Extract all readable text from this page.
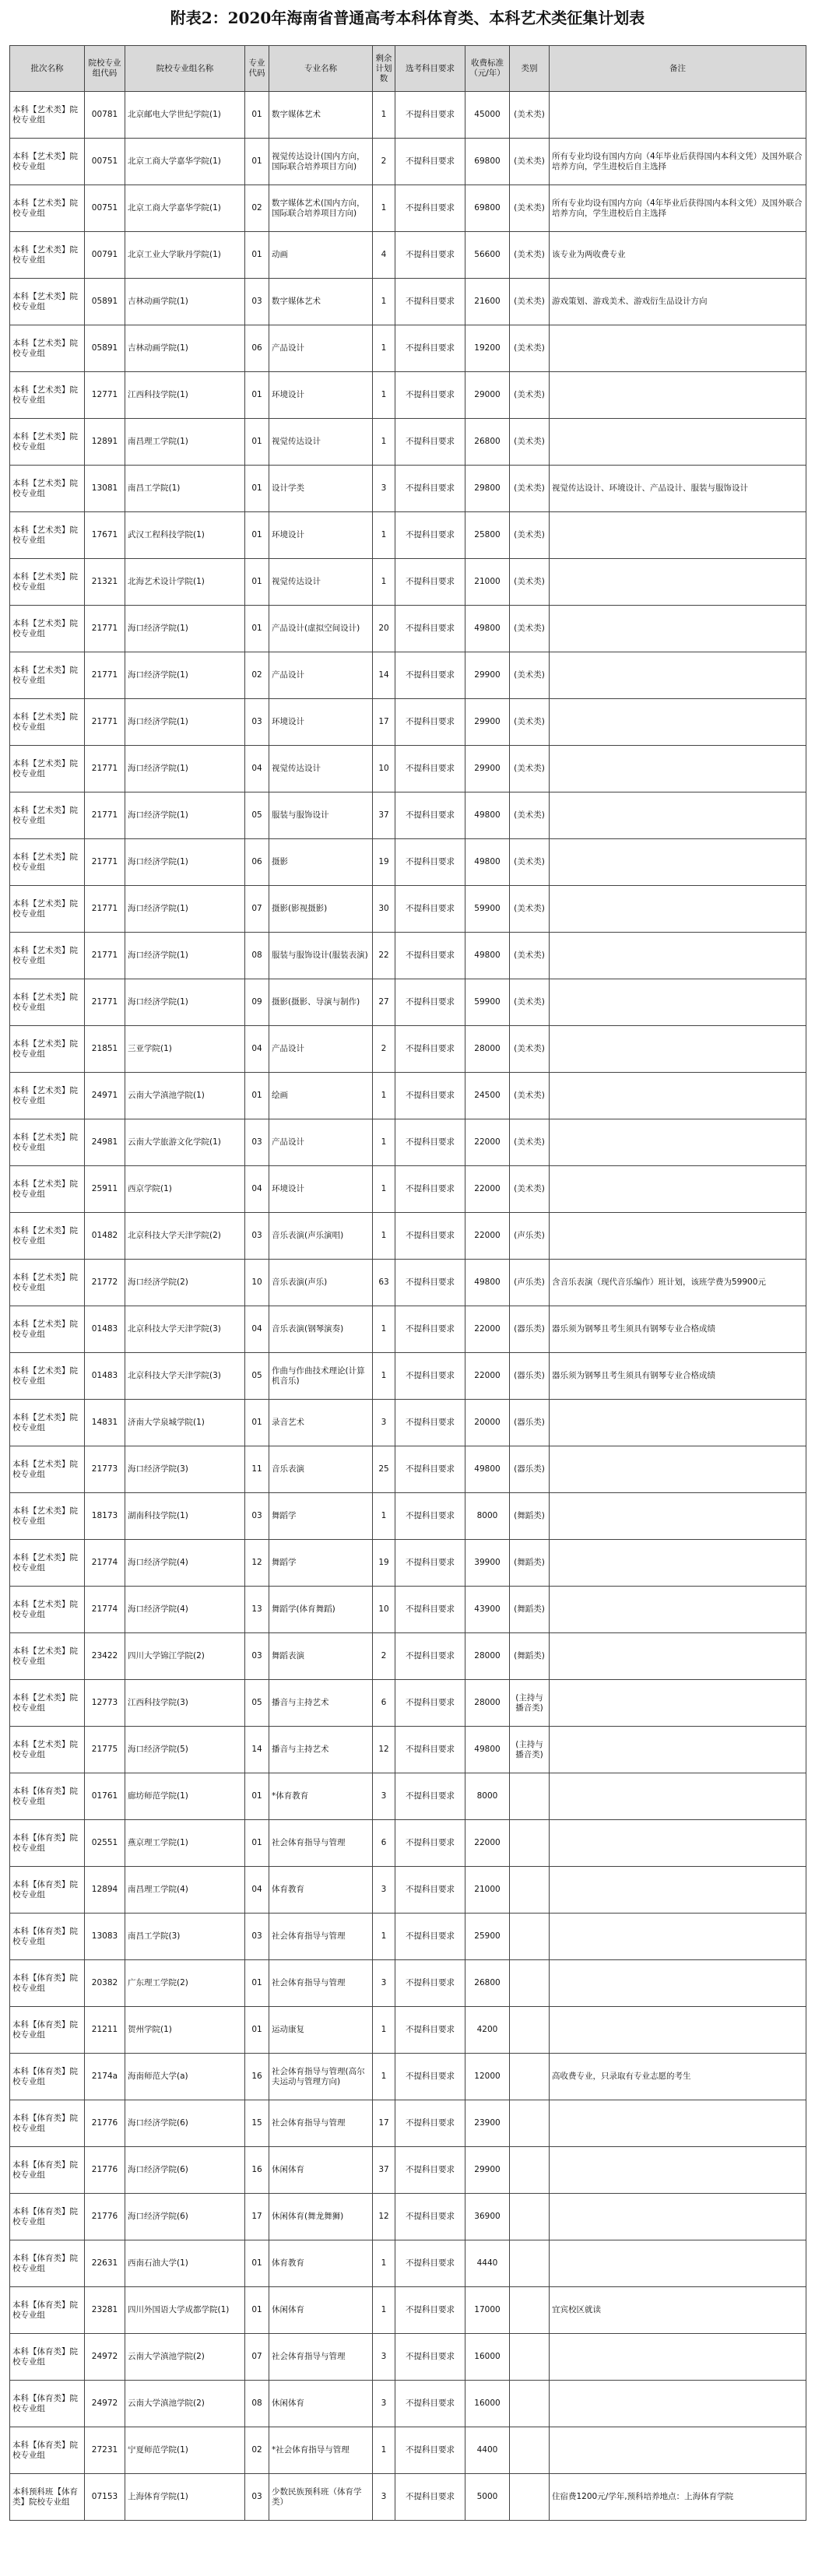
附表2：2020年海南省普通高考本科体育类、本科艺术类征集计划表
批次名称	院校专业组代码	院校专业组名称	专业代码	专业名称	剩余计划数	选考科目要求	收费标准（元/年）	类别	备注
本科【艺术类】院校专业组	00781	北京邮电大学世纪学院(1)	01	数字媒体艺术	1	不提科目要求	45000	(美术类)	
本科【艺术类】院校专业组	00751	北京工商大学嘉华学院(1)	01	视觉传达设计(国内方向，国际联合培养项目方向)	2	不提科目要求	69800	(美术类)	所有专业均设有国内方向（4年毕业后获得国内本科文凭）及国外联合培养方向，学生进校后自主选择
本科【艺术类】院校专业组	00751	北京工商大学嘉华学院(1)	02	数字媒体艺术(国内方向，国际联合培养项目方向)	1	不提科目要求	69800	(美术类)	所有专业均设有国内方向（4年毕业后获得国内本科文凭）及国外联合培养方向，学生进校后自主选择
本科【艺术类】院校专业组	00791	北京工业大学耿丹学院(1)	01	动画	4	不提科目要求	56600	(美术类)	该专业为两收费专业
本科【艺术类】院校专业组	05891	吉林动画学院(1)	03	数字媒体艺术	1	不提科目要求	21600	(美术类)	游戏策划、游戏美术、游戏衍生品设计方向
本科【艺术类】院校专业组	05891	吉林动画学院(1)	06	产品设计	1	不提科目要求	19200	(美术类)	
本科【艺术类】院校专业组	12771	江西科技学院(1)	01	环境设计	1	不提科目要求	29000	(美术类)	
本科【艺术类】院校专业组	12891	南昌理工学院(1)	01	视觉传达设计	1	不提科目要求	26800	(美术类)	
本科【艺术类】院校专业组	13081	南昌工学院(1)	01	设计学类	3	不提科目要求	29800	(美术类)	视觉传达设计、环境设计、产品设计、服装与服饰设计
本科【艺术类】院校专业组	17671	武汉工程科技学院(1)	01	环境设计	1	不提科目要求	25800	(美术类)	
本科【艺术类】院校专业组	21321	北海艺术设计学院(1)	01	视觉传达设计	1	不提科目要求	21000	(美术类)	
本科【艺术类】院校专业组	21771	海口经济学院(1)	01	产品设计(虚拟空间设计)	20	不提科目要求	49800	(美术类)	
本科【艺术类】院校专业组	21771	海口经济学院(1)	02	产品设计	14	不提科目要求	29900	(美术类)	
本科【艺术类】院校专业组	21771	海口经济学院(1)	03	环境设计	17	不提科目要求	29900	(美术类)	
本科【艺术类】院校专业组	21771	海口经济学院(1)	04	视觉传达设计	10	不提科目要求	29900	(美术类)	
本科【艺术类】院校专业组	21771	海口经济学院(1)	05	服装与服饰设计	37	不提科目要求	49800	(美术类)	
本科【艺术类】院校专业组	21771	海口经济学院(1)	06	摄影	19	不提科目要求	49800	(美术类)	
本科【艺术类】院校专业组	21771	海口经济学院(1)	07	摄影(影视摄影)	30	不提科目要求	59900	(美术类)	
本科【艺术类】院校专业组	21771	海口经济学院(1)	08	服装与服饰设计(服装表演)	22	不提科目要求	49800	(美术类)	
本科【艺术类】院校专业组	21771	海口经济学院(1)	09	摄影(摄影、导演与制作)	27	不提科目要求	59900	(美术类)	
本科【艺术类】院校专业组	21851	三亚学院(1)	04	产品设计	2	不提科目要求	28000	(美术类)	
本科【艺术类】院校专业组	24971	云南大学滇池学院(1)	01	绘画	1	不提科目要求	24500	(美术类)	
本科【艺术类】院校专业组	24981	云南大学旅游文化学院(1)	03	产品设计	1	不提科目要求	22000	(美术类)	
本科【艺术类】院校专业组	25911	西京学院(1)	04	环境设计	1	不提科目要求	22000	(美术类)	
本科【艺术类】院校专业组	01482	北京科技大学天津学院(2)	03	音乐表演(声乐演唱)	1	不提科目要求	22000	(声乐类)	
本科【艺术类】院校专业组	21772	海口经济学院(2)	10	音乐表演(声乐)	63	不提科目要求	49800	(声乐类)	含音乐表演（现代音乐编作）班计划，该班学费为59900元
本科【艺术类】院校专业组	01483	北京科技大学天津学院(3)	04	音乐表演(钢琴演奏)	1	不提科目要求	22000	(器乐类)	器乐须为钢琴且考生须具有钢琴专业合格成绩
本科【艺术类】院校专业组	01483	北京科技大学天津学院(3)	05	作曲与作曲技术理论(计算机音乐)	1	不提科目要求	22000	(器乐类)	器乐须为钢琴且考生须具有钢琴专业合格成绩
本科【艺术类】院校专业组	14831	济南大学泉城学院(1)	01	录音艺术	3	不提科目要求	20000	(器乐类)	
本科【艺术类】院校专业组	21773	海口经济学院(3)	11	音乐表演	25	不提科目要求	49800	(器乐类)	
本科【艺术类】院校专业组	18173	湖南科技学院(1)	03	舞蹈学	1	不提科目要求	8000	(舞蹈类)	
本科【艺术类】院校专业组	21774	海口经济学院(4)	12	舞蹈学	19	不提科目要求	39900	(舞蹈类)	
本科【艺术类】院校专业组	21774	海口经济学院(4)	13	舞蹈学(体育舞蹈)	10	不提科目要求	43900	(舞蹈类)	
本科【艺术类】院校专业组	23422	四川大学锦江学院(2)	03	舞蹈表演	2	不提科目要求	28000	(舞蹈类)	
本科【艺术类】院校专业组	12773	江西科技学院(3)	05	播音与主持艺术	6	不提科目要求	28000	(主持与播音类)	
本科【艺术类】院校专业组	21775	海口经济学院(5)	14	播音与主持艺术	12	不提科目要求	49800	(主持与播音类)	
本科【体育类】院校专业组	01761	廊坊师范学院(1)	01	*体育教育	3	不提科目要求	8000		
本科【体育类】院校专业组	02551	燕京理工学院(1)	01	社会体育指导与管理	6	不提科目要求	22000		
本科【体育类】院校专业组	12894	南昌理工学院(4)	04	体育教育	3	不提科目要求	21000		
本科【体育类】院校专业组	13083	南昌工学院(3)	03	社会体育指导与管理	1	不提科目要求	25900		
本科【体育类】院校专业组	20382	广东理工学院(2)	01	社会体育指导与管理	3	不提科目要求	26800		
本科【体育类】院校专业组	21211	贺州学院(1)	01	运动康复	1	不提科目要求	4200		
本科【体育类】院校专业组	2174a	海南师范大学(a)	16	社会体育指导与管理(高尔夫运动与管理方向)	1	不提科目要求	12000		高收费专业，只录取有专业志愿的考生
本科【体育类】院校专业组	21776	海口经济学院(6)	15	社会体育指导与管理	17	不提科目要求	23900		
本科【体育类】院校专业组	21776	海口经济学院(6)	16	休闲体育	37	不提科目要求	29900		
本科【体育类】院校专业组	21776	海口经济学院(6)	17	休闲体育(舞龙舞狮)	12	不提科目要求	36900		
本科【体育类】院校专业组	22631	西南石油大学(1)	01	体育教育	1	不提科目要求	4440		
本科【体育类】院校专业组	23281	四川外国语大学成都学院(1)	01	休闲体育	1	不提科目要求	17000		宜宾校区就读
本科【体育类】院校专业组	24972	云南大学滇池学院(2)	07	社会体育指导与管理	3	不提科目要求	16000		
本科【体育类】院校专业组	24972	云南大学滇池学院(2)	08	休闲体育	3	不提科目要求	16000		
本科【体育类】院校专业组	27231	宁夏师范学院(1)	02	*社会体育指导与管理	1	不提科目要求	4400		
本科预科班【体育类】院校专业组	07153	上海体育学院(1)	03	少数民族预科班（体育学类）	3	不提科目要求	5000		住宿费1200元/学年,预科培养地点：上海体育学院
